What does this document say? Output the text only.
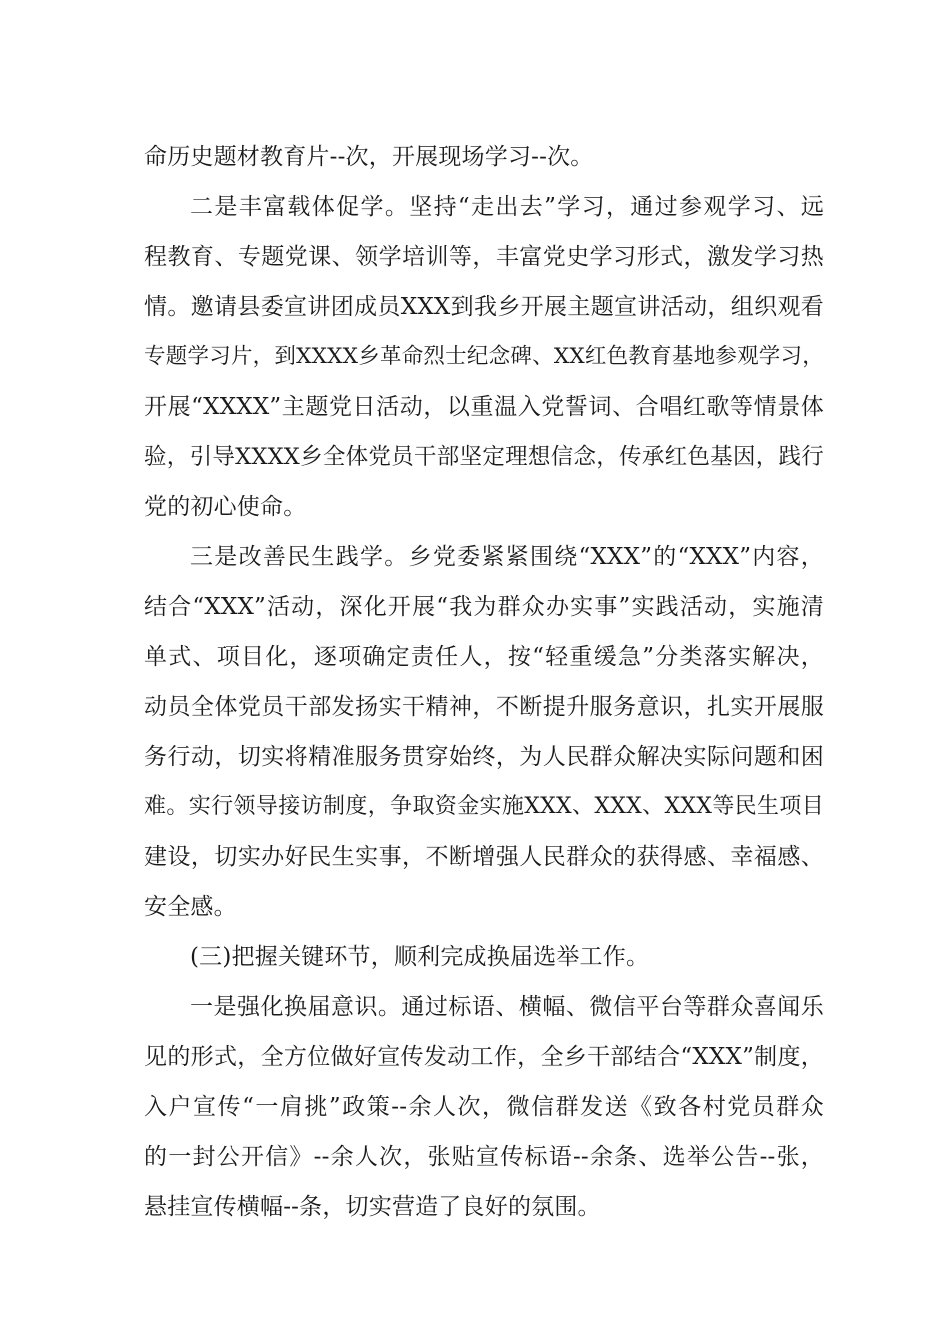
命历史题材教育片--次，开展现场学习--次。
二是丰富载体促学。坚持“走出去”学习，通过参观学习、远
程教育、专题党课、领学培训等，丰富党史学习形式，激发学习热
情。邀请县委宣讲团成员XXX到我乡开展主题宣讲活动，组织观看
专题学习片，到XXXX乡革命烈士纪念碑、XX红色教育基地参观学习，
开展“XXXX”主题党日活动，以重温入党誓词、合唱红歌等情景体
验，引导XXXX乡全体党员干部坚定理想信念，传承红色基因，践行
党的初心使命。
三是改善民生践学。乡党委紧紧围绕“XXX”的“XXX”内容，
结合“XXX”活动，深化开展“我为群众办实事”实践活动，实施清
单式、项目化，逐项确定责任人，按“轻重缓急”分类落实解决，
动员全体党员干部发扬实干精神，不断提升服务意识，扎实开展服
务行动，切实将精准服务贯穿始终，为人民群众解决实际问题和困
难。实行领导接访制度，争取资金实施XXX、XXX、XXX等民生项目
建设，切实办好民生实事，不断增强人民群众的获得感、幸福感、
安全感。
(三)把握关键环节，顺利完成换届选举工作。
一是强化换届意识。通过标语、横幅、微信平台等群众喜闻乐
见的形式，全方位做好宣传发动工作，全乡干部结合“XXX”制度，
入户宣传“一肩挑”政策--余人次，微信群发送《致各村党员群众
的一封公开信》--余人次，张贴宣传标语--余条、选举公告--张，
悬挂宣传横幅--条，切实营造了良好的氛围。
